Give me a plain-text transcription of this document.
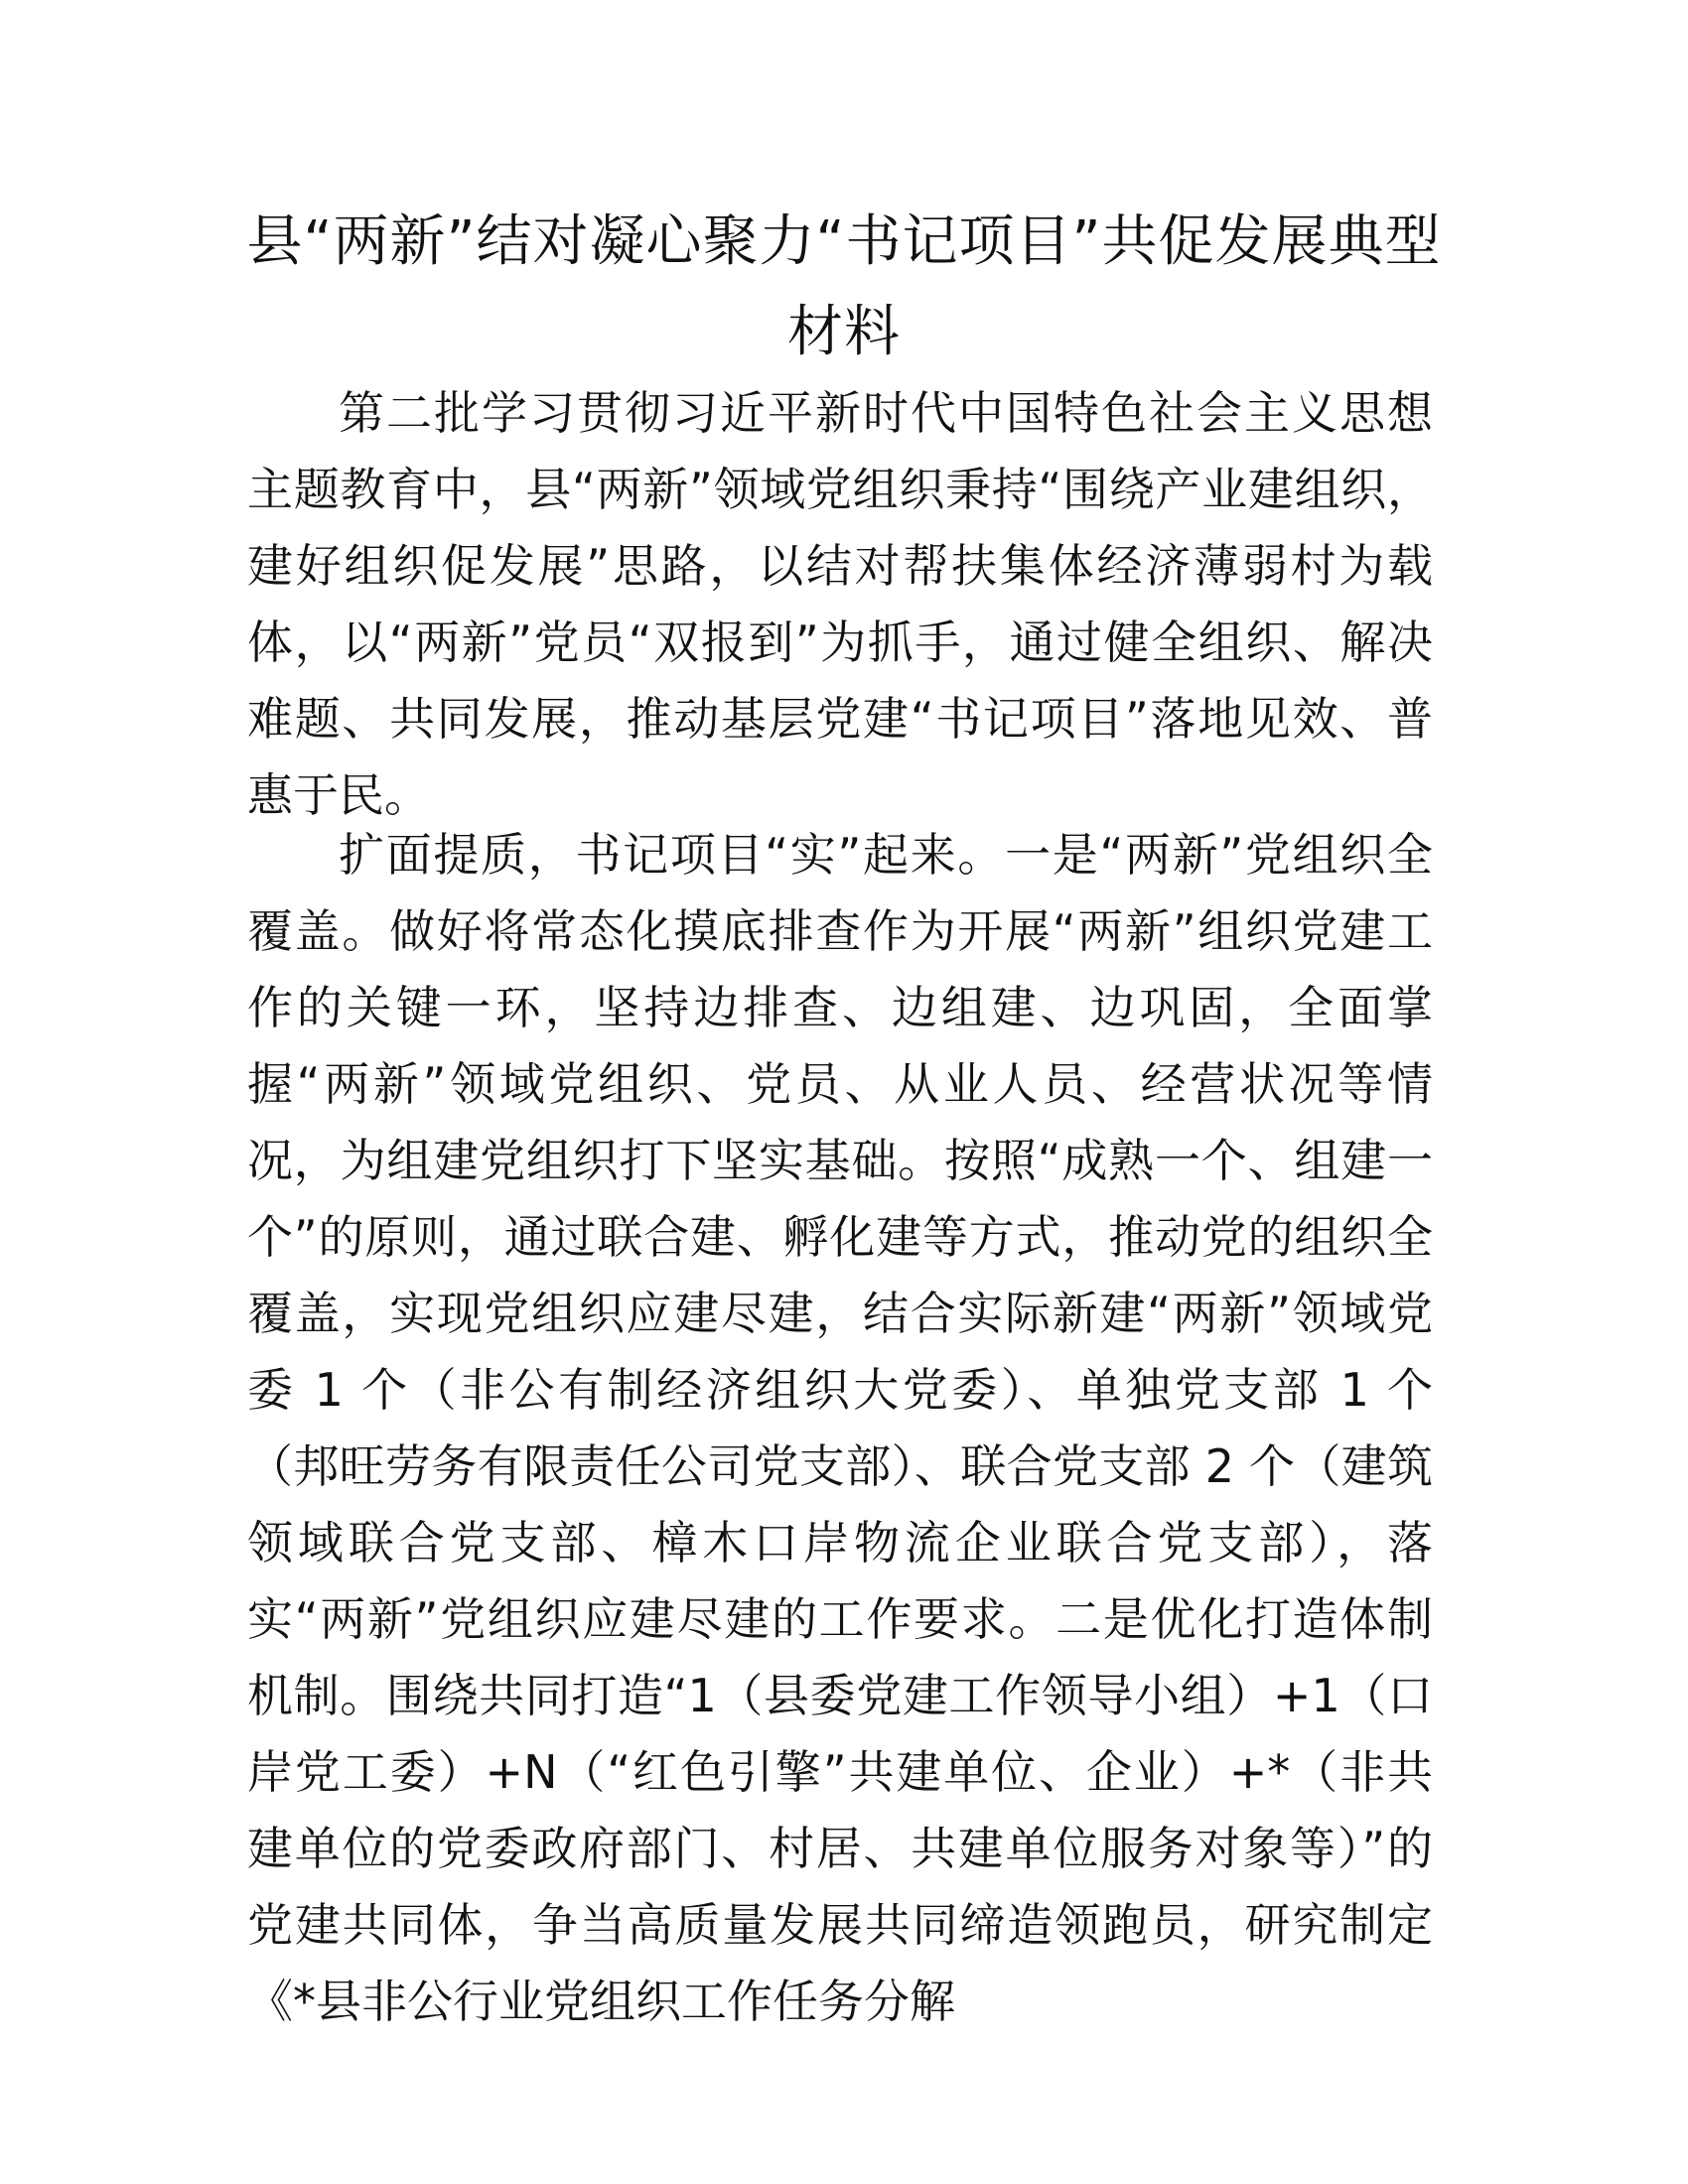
县“两新”结对凝心聚力“书记项目”共促发展典型材料

第二批学习贯彻习近平新时代中国特色社会主义思想主题教育中，县“两新”领域党组织秉持“围绕产业建组织，建好组织促发展”思路，以结对帮扶集体经济薄弱村为载体，以“两新”党员“双报到”为抓手，通过健全组织、解决难题、共同发展，推动基层党建“书记项目”落地见效、普惠于民。

扩面提质，书记项目“实”起来。一是“两新”党组织全覆盖。做好将常态化摸底排查作为开展“两新”组织党建工作的关键一环，坚持边排查、边组建、边巩固，全面掌握“两新”领域党组织、党员、从业人员、经营状况等情况，为组建党组织打下坚实基础。按照“成熟一个、组建一个”的原则，通过联合建、孵化建等方式，推动党的组织全覆盖，实现党组织应建尽建，结合实际新建“两新”领域党委 1 个（非公有制经济组织大党委）、单独党支部 1 个（邦旺劳务有限责任公司党支部）、联合党支部 2 个（建筑领域联合党支部、樟木口岸物流企业联合党支部），落实“两新”党组织应建尽建的工作要求。二是优化打造体制机制。围绕共同打造“1（县委党建工作领导小组）+1（口岸党工委）+N（“红色引擎”共建单位、企业）+*（非共建单位的党委政府部门、村居、共建单位服务对象等）”的党建共同体，争当高质量发展共同缔造领跑员，研究制定《*县非公行业党组织工作任务分解
